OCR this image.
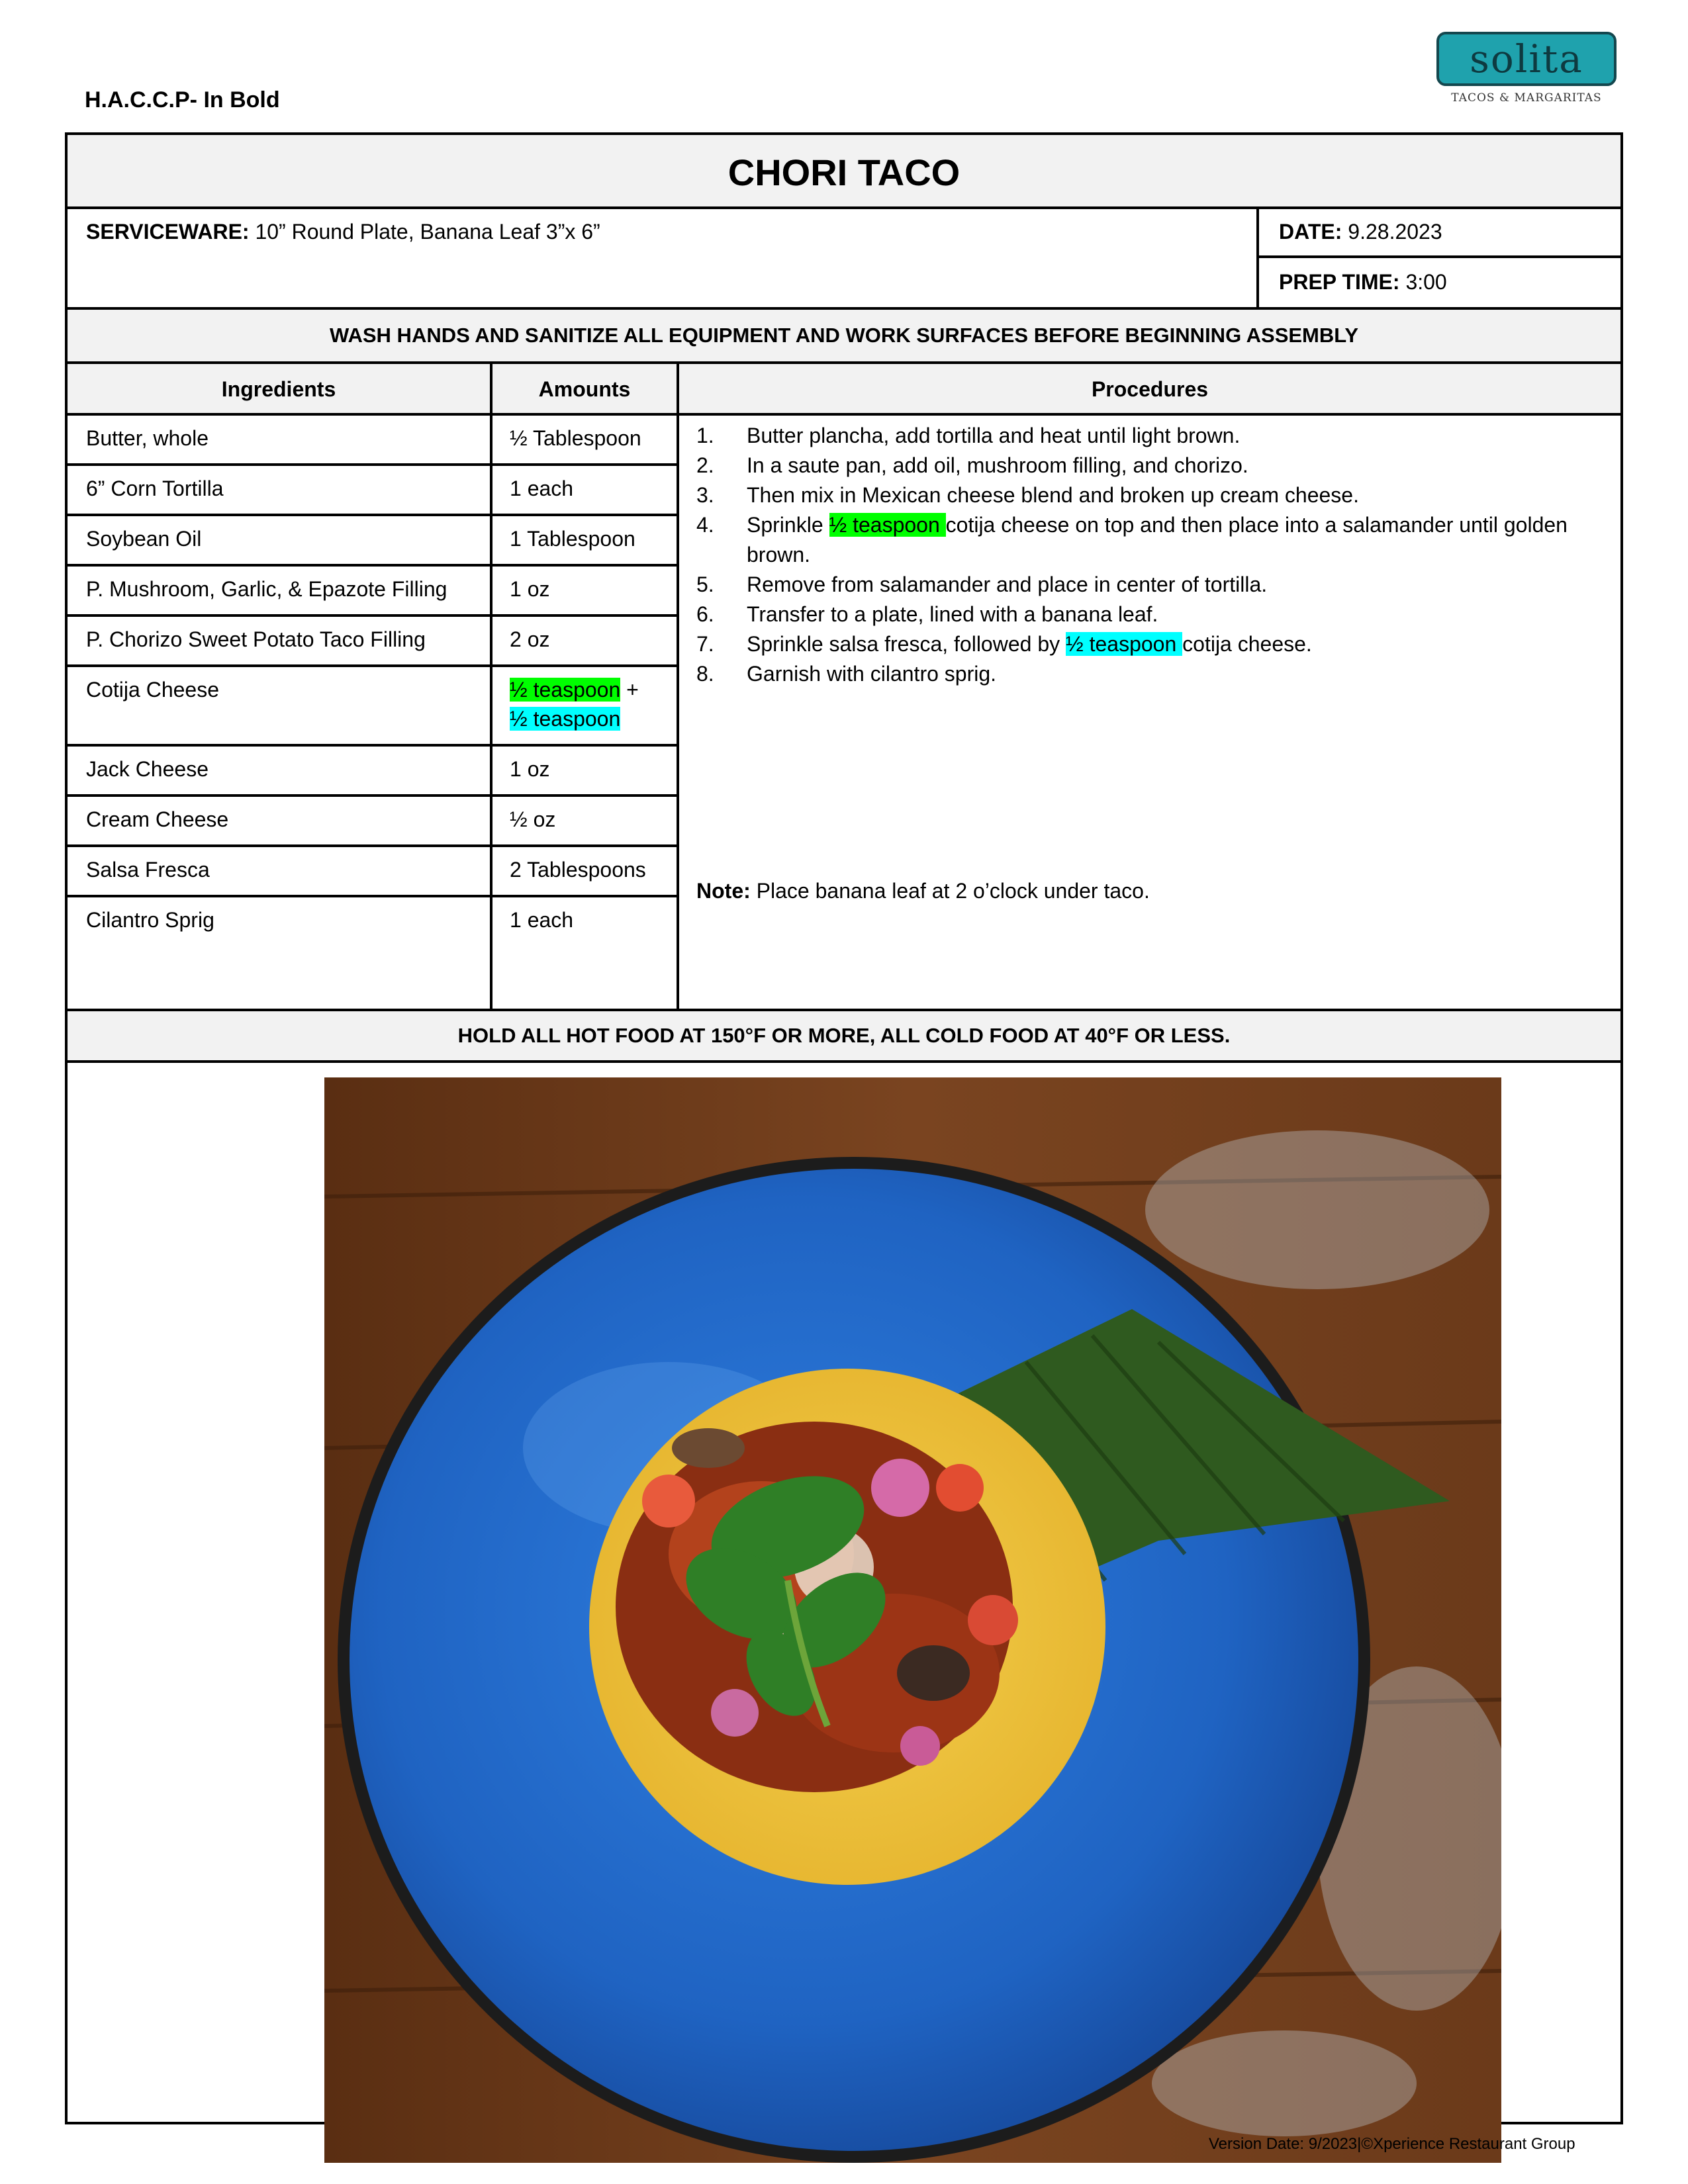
H.A.C.C.P- In Bold
solita
TACOS & MARGARITAS
CHORI TACO
SERVICEWARE: 10” Round Plate, Banana Leaf 3”x 6”	DATE: 9.28.2023
PREP TIME: 3:00
WASH HANDS AND SANITIZE ALL EQUIPMENT AND WORK SURFACES BEFORE BEGINNING ASSEMBLY
Ingredients	Amounts	Procedures
Butter, whole	½ Tablespoon
6” Corn Tortilla	1 each
Soybean Oil	1 Tablespoon
P. Mushroom, Garlic, & Epazote Filling	1 oz
P. Chorizo Sweet Potato Taco Filling	2 oz
Cotija Cheese	½ teaspoon +
½ teaspoon
Jack Cheese	1 oz
Cream Cheese	½ oz
Salsa Fresca	2 Tablespoons
Cilantro Sprig	1 each
1.	Butter plancha, add tortilla and heat until light brown.
2.	In a saute pan, add oil, mushroom filling, and chorizo.
3.	Then mix in Mexican cheese blend and broken up cream cheese.
4.	Sprinkle ½ teaspoon cotija cheese on top and then place into a salamander until golden brown.
5.	Remove from salamander and place in center of tortilla.
6.	Transfer to a plate, lined with a banana leaf.
7.	Sprinkle salsa fresca, followed by ½ teaspoon cotija cheese.
8.	Garnish with cilantro sprig.
Note: Place banana leaf at 2 o’clock under taco.
HOLD ALL HOT FOOD AT 150°F OR MORE, ALL COLD FOOD AT 40°F OR LESS.
Version Date: 9/2023|©Xperience Restaurant Group
